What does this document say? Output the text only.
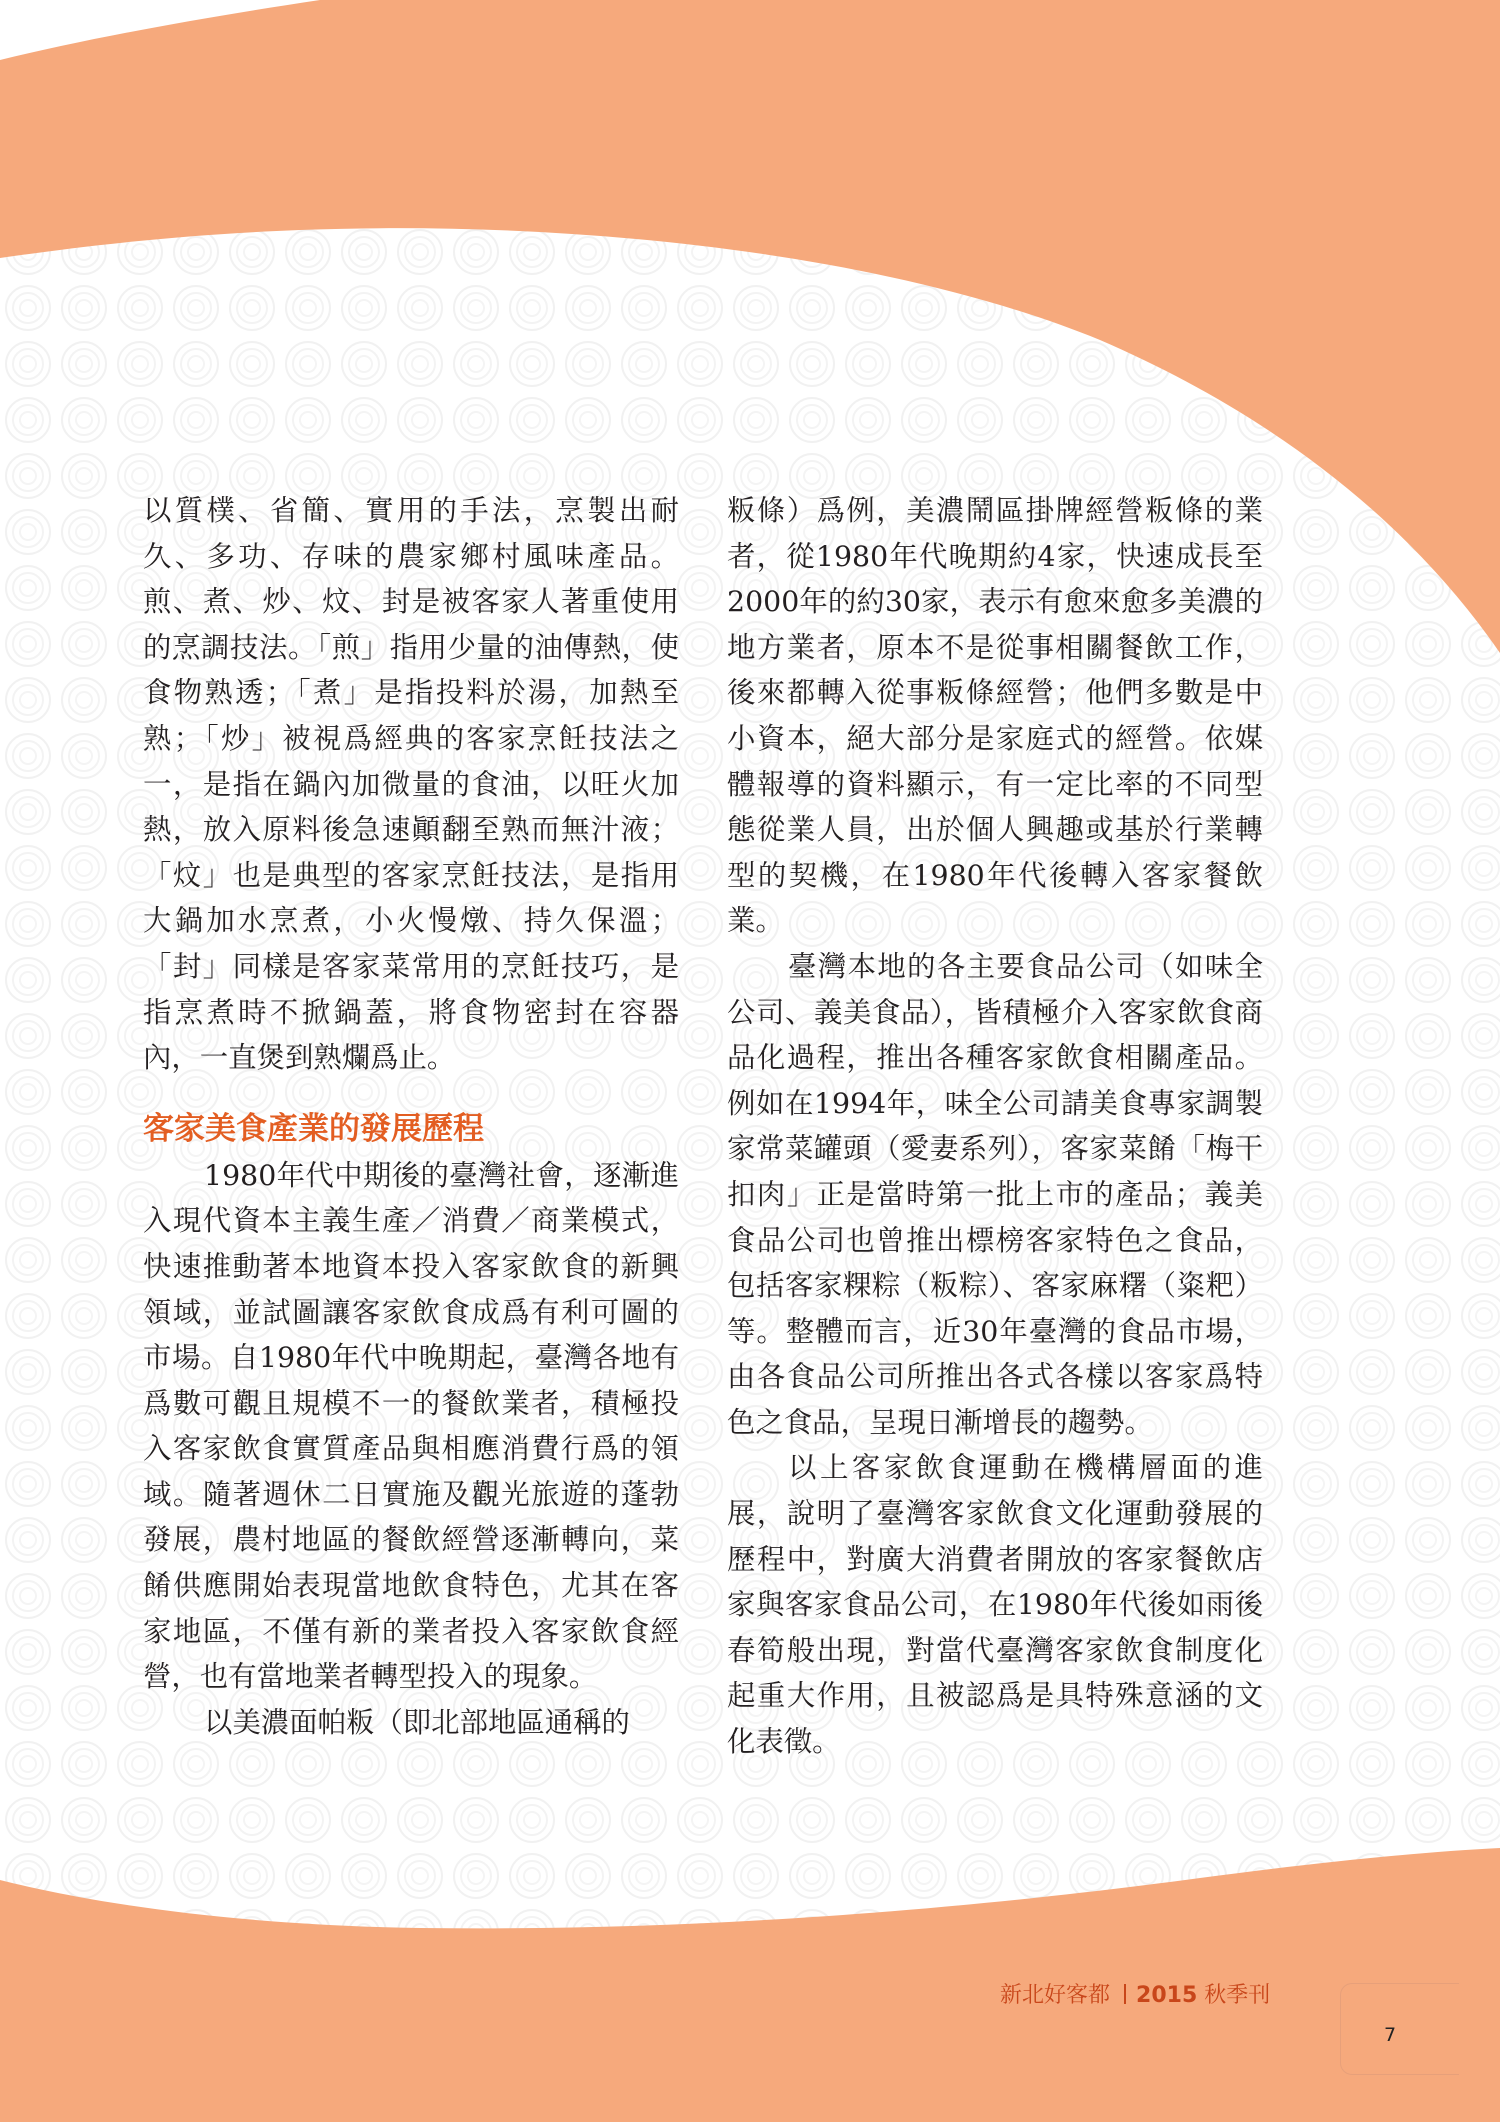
以質樸、省簡、實用的手法，烹製出耐久、多功、存味的農家鄉村風味產品。煎、煮、炒、炆、封是被客家人著重使用的烹調技法。「煎」指用少量的油傳熱，使食物熟透；「煮」是指投料於湯，加熱至熟；「炒」被視爲經典的客家烹飪技法之一，是指在鍋內加微量的食油，以旺火加熱，放入原料後急速顚翻至熟而無汁液；「炆」也是典型的客家烹飪技法，是指用大鍋加水烹煮，小火慢燉、持久保溫；「封」同樣是客家菜常用的烹飪技巧，是指烹煮時不掀鍋蓋，將食物密封在容器內，一直煲到熟爛爲止。

客家美食產業的發展歷程

1980年代中期後的臺灣社會，逐漸進入現代資本主義生產／消費／商業模式，快速推動著本地資本投入客家飲食的新興領域，並試圖讓客家飲食成爲有利可圖的市場。自1980年代中晚期起，臺灣各地有爲數可觀且規模不一的餐飲業者，積極投入客家飲食實質產品與相應消費行爲的領域。隨著週休二日實施及觀光旅遊的蓬勃發展，農村地區的餐飲經營逐漸轉向，菜餚供應開始表現當地飲食特色，尤其在客家地區，不僅有新的業者投入客家飲食經營，也有當地業者轉型投入的現象。

以美濃面帕粄（即北部地區通稱的

粄條）爲例，美濃鬧區掛牌經營粄條的業者，從1980年代晚期約4家，快速成長至2000年的約30家，表示有愈來愈多美濃的地方業者，原本不是從事相關餐飲工作，後來都轉入從事粄條經營；他們多數是中小資本，絕大部分是家庭式的經營。依媒體報導的資料顯示，有一定比率的不同型態從業人員，出於個人興趣或基於行業轉型的契機，在1980年代後轉入客家餐飲業。

臺灣本地的各主要食品公司（如味全公司、義美食品），皆積極介入客家飲食商品化過程，推出各種客家飲食相關產品。例如在1994年，味全公司請美食專家調製家常菜罐頭（愛妻系列），客家菜餚「梅干扣肉」正是當時第一批上市的產品；義美食品公司也曾推出標榜客家特色之食品，包括客家粿粽（粄粽）、客家麻糬（粢粑）等。整體而言，近30年臺灣的食品市場，由各食品公司所推出各式各樣以客家爲特色之食品，呈現日漸增長的趨勢。

以上客家飲食運動在機構層面的進展，說明了臺灣客家飲食文化運動發展的歷程中，對廣大消費者開放的客家餐飲店家與客家食品公司，在1980年代後如雨後春筍般出現，對當代臺灣客家飲食制度化起重大作用，且被認爲是具特殊意涵的文化表徵。

新北好客都 2015 秋季刊
7
